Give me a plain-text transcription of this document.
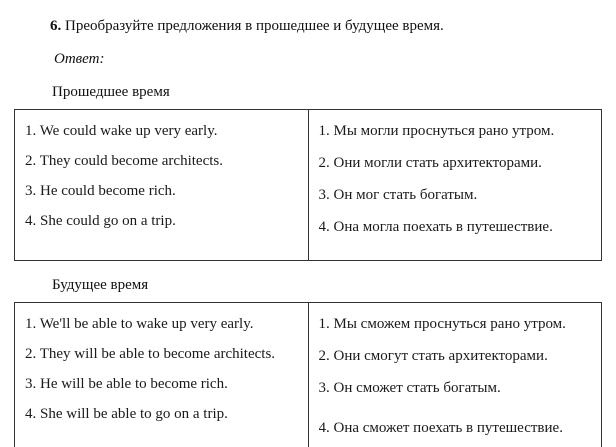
6. Преобразуйте предложения в прошедшее и будущее время.
Ответ:
Прошедшее время
1. We could wake up very early.
2. They could become architects.
3. He could become rich.
4. She could go on a trip.

1. Мы могли проснуться рано утром.
2. Они могли стать архитекторами.
3. Он мог стать богатым.
4. Она могла поехать в путешествие.
Будущее время
1. We'll be able to wake up very early.
2. They will be able to become architects.
3. He will be able to become rich.
4. She will be able to go on a trip.

1. Мы сможем проснуться рано утром.
2. Они смогут стать архитекторами.
3. Он сможет стать богатым.
4. Она сможет поехать в путешествие.
